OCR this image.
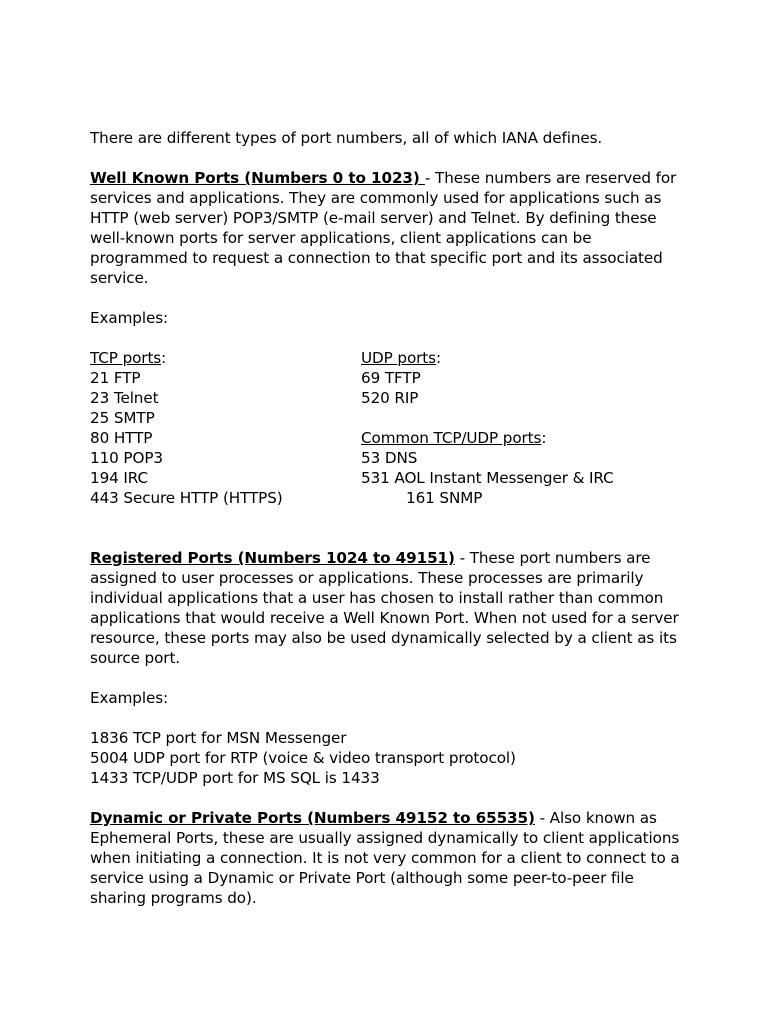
There are different types of port numbers, all of which IANA defines.

Well Known Ports (Numbers 0 to 1023) - These numbers are reserved for services and applications. They are commonly used for applications such as HTTP (web server) POP3/SMTP (e-mail server) and Telnet. By defining these well-known ports for server applications, client applications can be programmed to request a connection to that specific port and its associated service.

Examples:

TCP ports:

21 FTP

23 Telnet

25 SMTP

80 HTTP

110 POP3

194 IRC

443 Secure HTTP (HTTPS)

UDP ports:

69 TFTP

520 RIP

Common TCP/UDP ports:

53 DNS

531 AOL Instant Messenger & IRC

161 SNMP

Registered Ports (Numbers 1024 to 49151) - These port numbers are assigned to user processes or applications. These processes are primarily individual applications that a user has chosen to install rather than common applications that would receive a Well Known Port. When not used for a server resource, these ports may also be used dynamically selected by a client as its source port.

Examples:

1836 TCP port for MSN Messenger

5004 UDP port for RTP (voice & video transport protocol)

1433 TCP/UDP port for MS SQL is 1433

Dynamic or Private Ports (Numbers 49152 to 65535) - Also known as Ephemeral Ports, these are usually assigned dynamically to client applications when initiating a connection. It is not very common for a client to connect to a service using a Dynamic or Private Port (although some peer-to-peer file sharing programs do).
